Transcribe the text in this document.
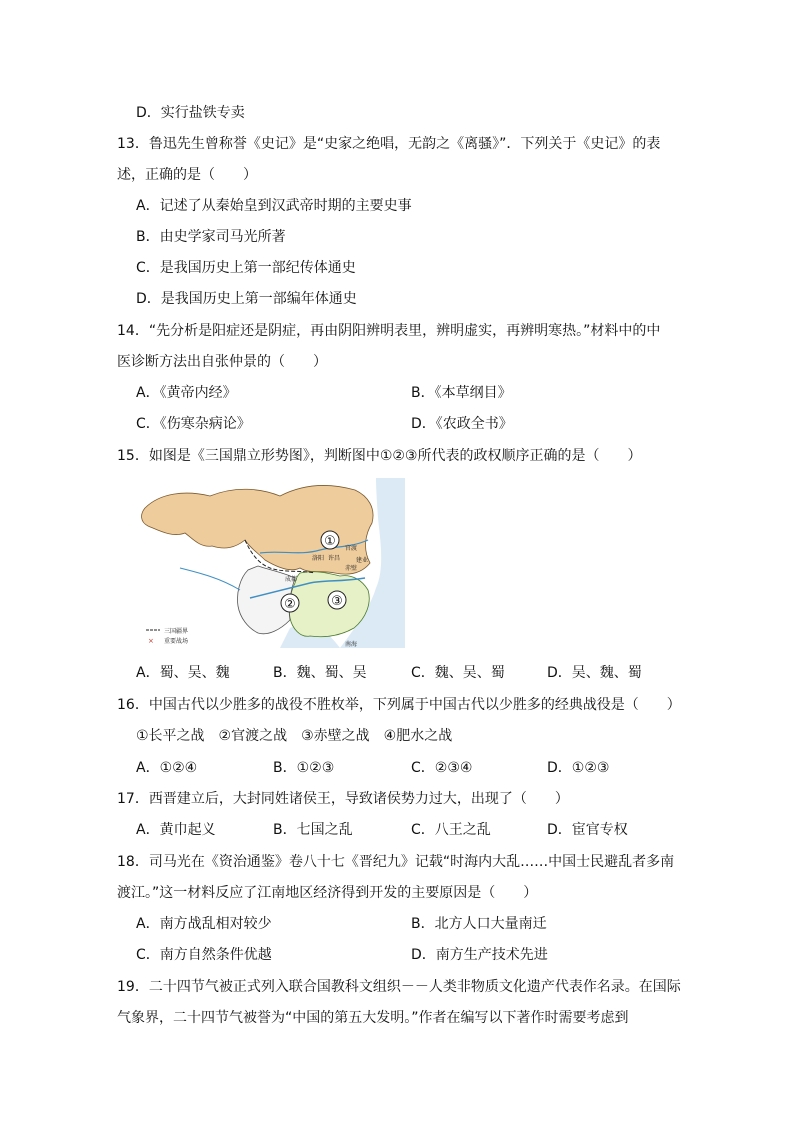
D．实行盐铁专卖
13．鲁迅先生曾称誉《史记》是“史家之绝唱，无韵之《离骚》”．下列关于《史记》的表
述，正确的是（　　）
A．记述了从秦始皇到汉武帝时期的主要史事
B．由史学家司马光所著
C．是我国历史上第一部纪传体通史
D．是我国历史上第一部编年体通史
14．“先分析是阳症还是阴症，再由阴阳辨明表里，辨明虚实，再辨明寒热。”材料中的中
医诊断方法出自张仲景的（　　）
A．《黄帝内经》	B．《本草纲目》
C．《伤寒杂病论》	D．《农政全书》
15．如图是《三国鼎立形势图》，判断图中①②③所代表的政权顺序正确的是（　　）
①
②	③
成都
洛阳 许昌
官渡
赤壁
建业
南海
三国疆界
× 重要战场
A．蜀、吴、魏	B．魏、蜀、吴	C．魏、吴、蜀	D．吴、魏、蜀
16．中国古代以少胜多的战役不胜枚举，下列属于中国古代以少胜多的经典战役是（　　）
①长平之战　②官渡之战　③赤壁之战　④肥水之战
A．①②④	B．①②③	C．②③④	D．①②③
17．西晋建立后，大封同姓诸侯王，导致诸侯势力过大，出现了（　　）
A．黄巾起义	B．七国之乱	C．八王之乱	D．宦官专权
18．司马光在《资治通鉴》卷八十七《晋纪九》记载“时海内大乱……中国士民避乱者多南
渡江。”这一材料反应了江南地区经济得到开发的主要原因是（　　）
A．南方战乱相对较少	B．北方人口大量南迁
C．南方自然条件优越	D．南方生产技术先进
19．二十四节气被正式列入联合国教科文组织－－人类非物质文化遗产代表作名录。在国际
气象界，二十四节气被誉为“中国的第五大发明。”作者在编写以下著作时需要考虑到
